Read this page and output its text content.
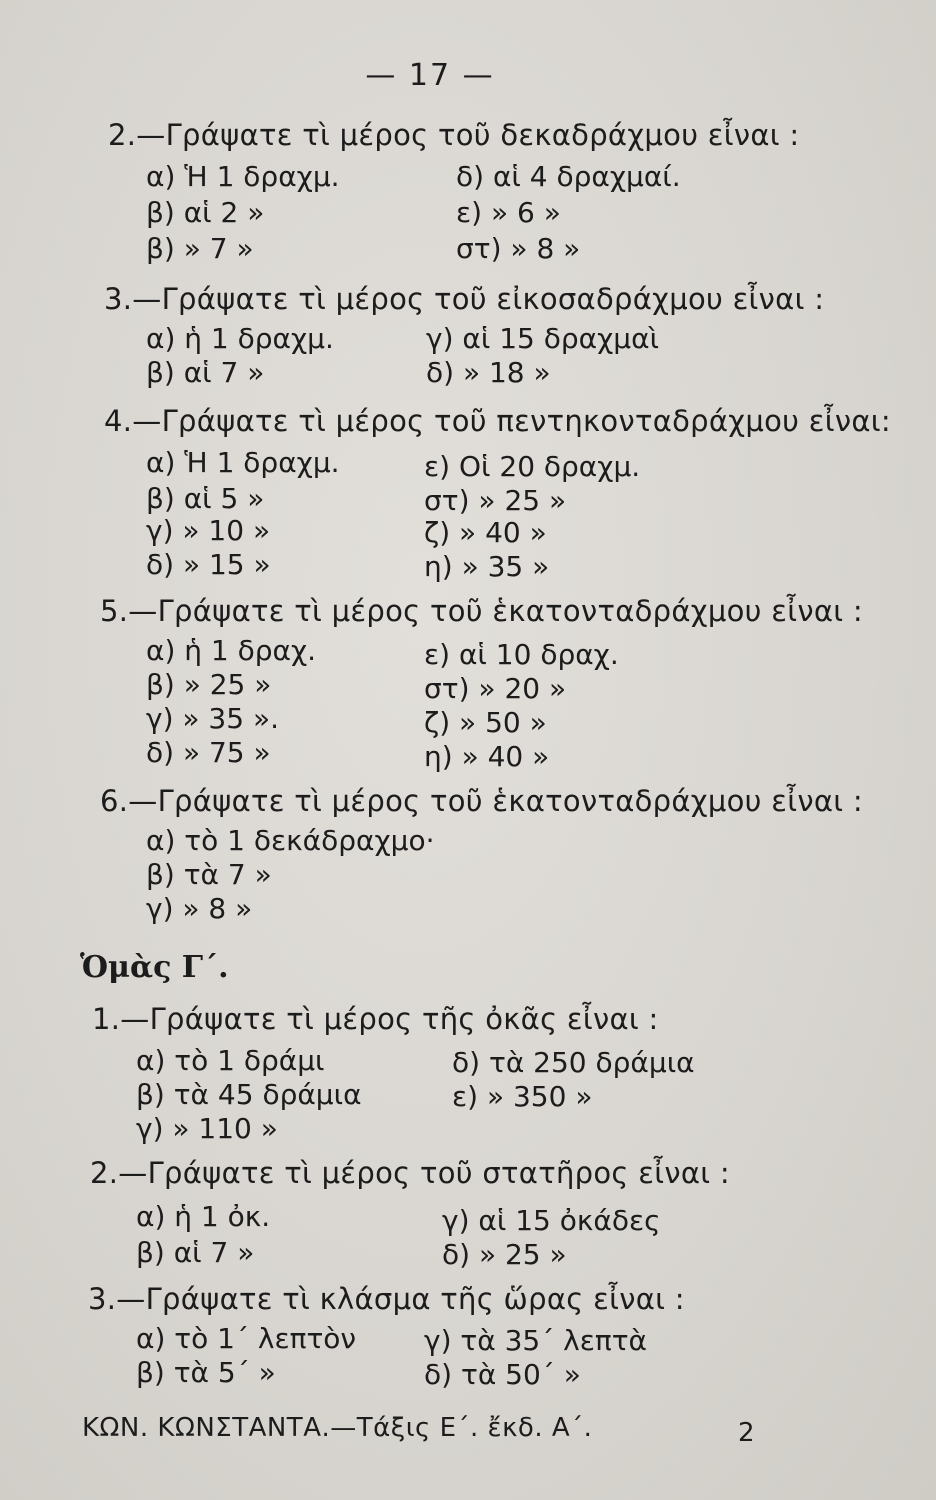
— 17 —
2.—Γράψατε τὶ μέρος τοῦ δεκαδράχμου εἶναι :
α) Ἡ 1 δραχμ.
β) αἱ 2 »
β) » 7 »
δ) αἱ 4 δραχμαί.
ε) » 6 »
στ) » 8 »
3.—Γράψατε τὶ μέρος τοῦ εἰκοσαδράχμου εἶναι :
α) ἡ 1 δραχμ.
β) αἱ 7 »
γ) αἱ 15 δραχμαὶ
δ) » 18 »
4.—Γράψατε τὶ μέρος τοῦ πεντηκονταδράχμου εἶναι:
α) Ἡ 1 δραχμ.
β) αἱ 5 »
γ) » 10 »
δ) » 15 »
ε) Οἱ 20 δραχμ.
στ) » 25 »
ζ) » 40 »
η) » 35 »
5.—Γράψατε τὶ μέρος τοῦ ἑκατονταδράχμου εἶναι :
α) ἡ 1 δραχ.
β) » 25 »
γ) » 35 ».
δ) » 75 »
ε) αἱ 10 δραχ.
στ) » 20 »
ζ) » 50 »
η) » 40 »
6.—Γράψατε τὶ μέρος τοῦ ἑκατονταδράχμου εἶναι :
α) τὸ 1 δεκάδραχμο·
β) τὰ 7 »
γ) » 8 »
Ὁμὰς Γ΄.
1.—Γράψατε τὶ μέρος τῆς ὀκᾶς εἶναι :
α) τὸ 1 δράμι
β) τὰ 45 δράμια
γ) » 110 »
δ) τὰ 250 δράμια
ε) » 350 »
2.—Γράψατε τὶ μέρος τοῦ στατῆρος εἶναι :
α) ἡ 1 ὀκ.
β) αἱ 7 »
γ) αἱ 15 ὀκάδες
δ) » 25 »
3.—Γράψατε τὶ κλάσμα τῆς ὥρας εἶναι :
α) τὸ 1΄ λεπτὸν
β) τὰ 5΄ »
γ) τὰ 35΄ λεπτὰ
δ) τὰ 50΄ »
ΚΩΝ. ΚΩΝΣΤΑΝΤΑ.—Τάξις Ε΄. ἔκδ. Α΄.	2
